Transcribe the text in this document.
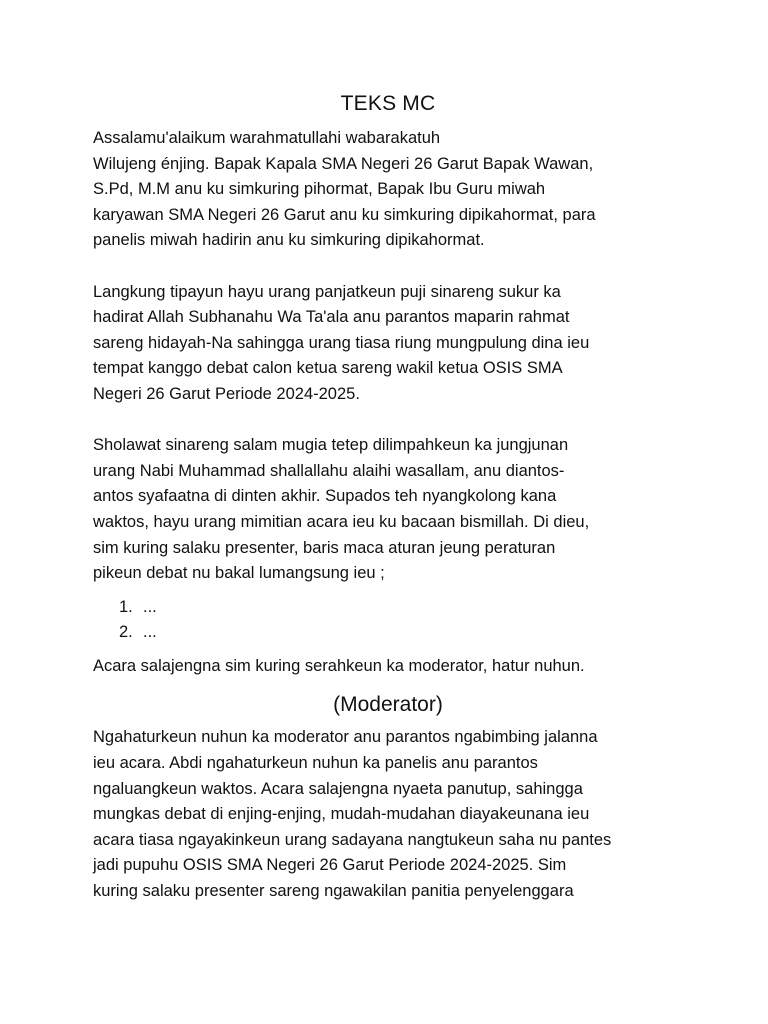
TEKS MC

Assalamu'alaikum warahmatullahi wabarakatuh
Wilujeng énjing. Bapak Kapala SMA Negeri 26 Garut Bapak Wawan,
S.Pd, M.M anu ku simkuring pihormat, Bapak Ibu Guru miwah
karyawan SMA Negeri 26 Garut anu ku simkuring dipikahormat, para
panelis miwah hadirin anu ku simkuring dipikahormat.

Langkung tipayun hayu urang panjatkeun puji sinareng sukur ka
hadirat Allah Subhanahu Wa Ta'ala anu parantos maparin rahmat
sareng hidayah-Na sahingga urang tiasa riung mungpulung dina ieu
tempat kanggo debat calon ketua sareng wakil ketua OSIS SMA
Negeri 26 Garut Periode 2024-2025.

Sholawat sinareng salam mugia tetep dilimpahkeun ka jungjunan
urang Nabi Muhammad shallallahu alaihi wasallam, anu diantos-
antos syafaatna di dinten akhir. Supados teh nyangkolong kana
waktos, hayu urang mimitian acara ieu ku bacaan bismillah. Di dieu,
sim kuring salaku presenter, baris maca aturan jeung peraturan
pikeun debat nu bakal lumangsung ieu ;

1. ...
2. ...

Acara salajengna sim kuring serahkeun ka moderator, hatur nuhun.

(Moderator)

Ngahaturkeun nuhun ka moderator anu parantos ngabimbing jalanna
ieu acara. Abdi ngahaturkeun nuhun ka panelis anu parantos
ngaluangkeun waktos. Acara salajengna nyaeta panutup, sahingga
mungkas debat di enjing-enjing, mudah-mudahan diayakeunana ieu
acara tiasa ngayakinkeun urang sadayana nangtukeun saha nu pantes
jadi pupuhu OSIS SMA Negeri 26 Garut Periode 2024-2025. Sim
kuring salaku presenter sareng ngawakilan panitia penyelenggara
